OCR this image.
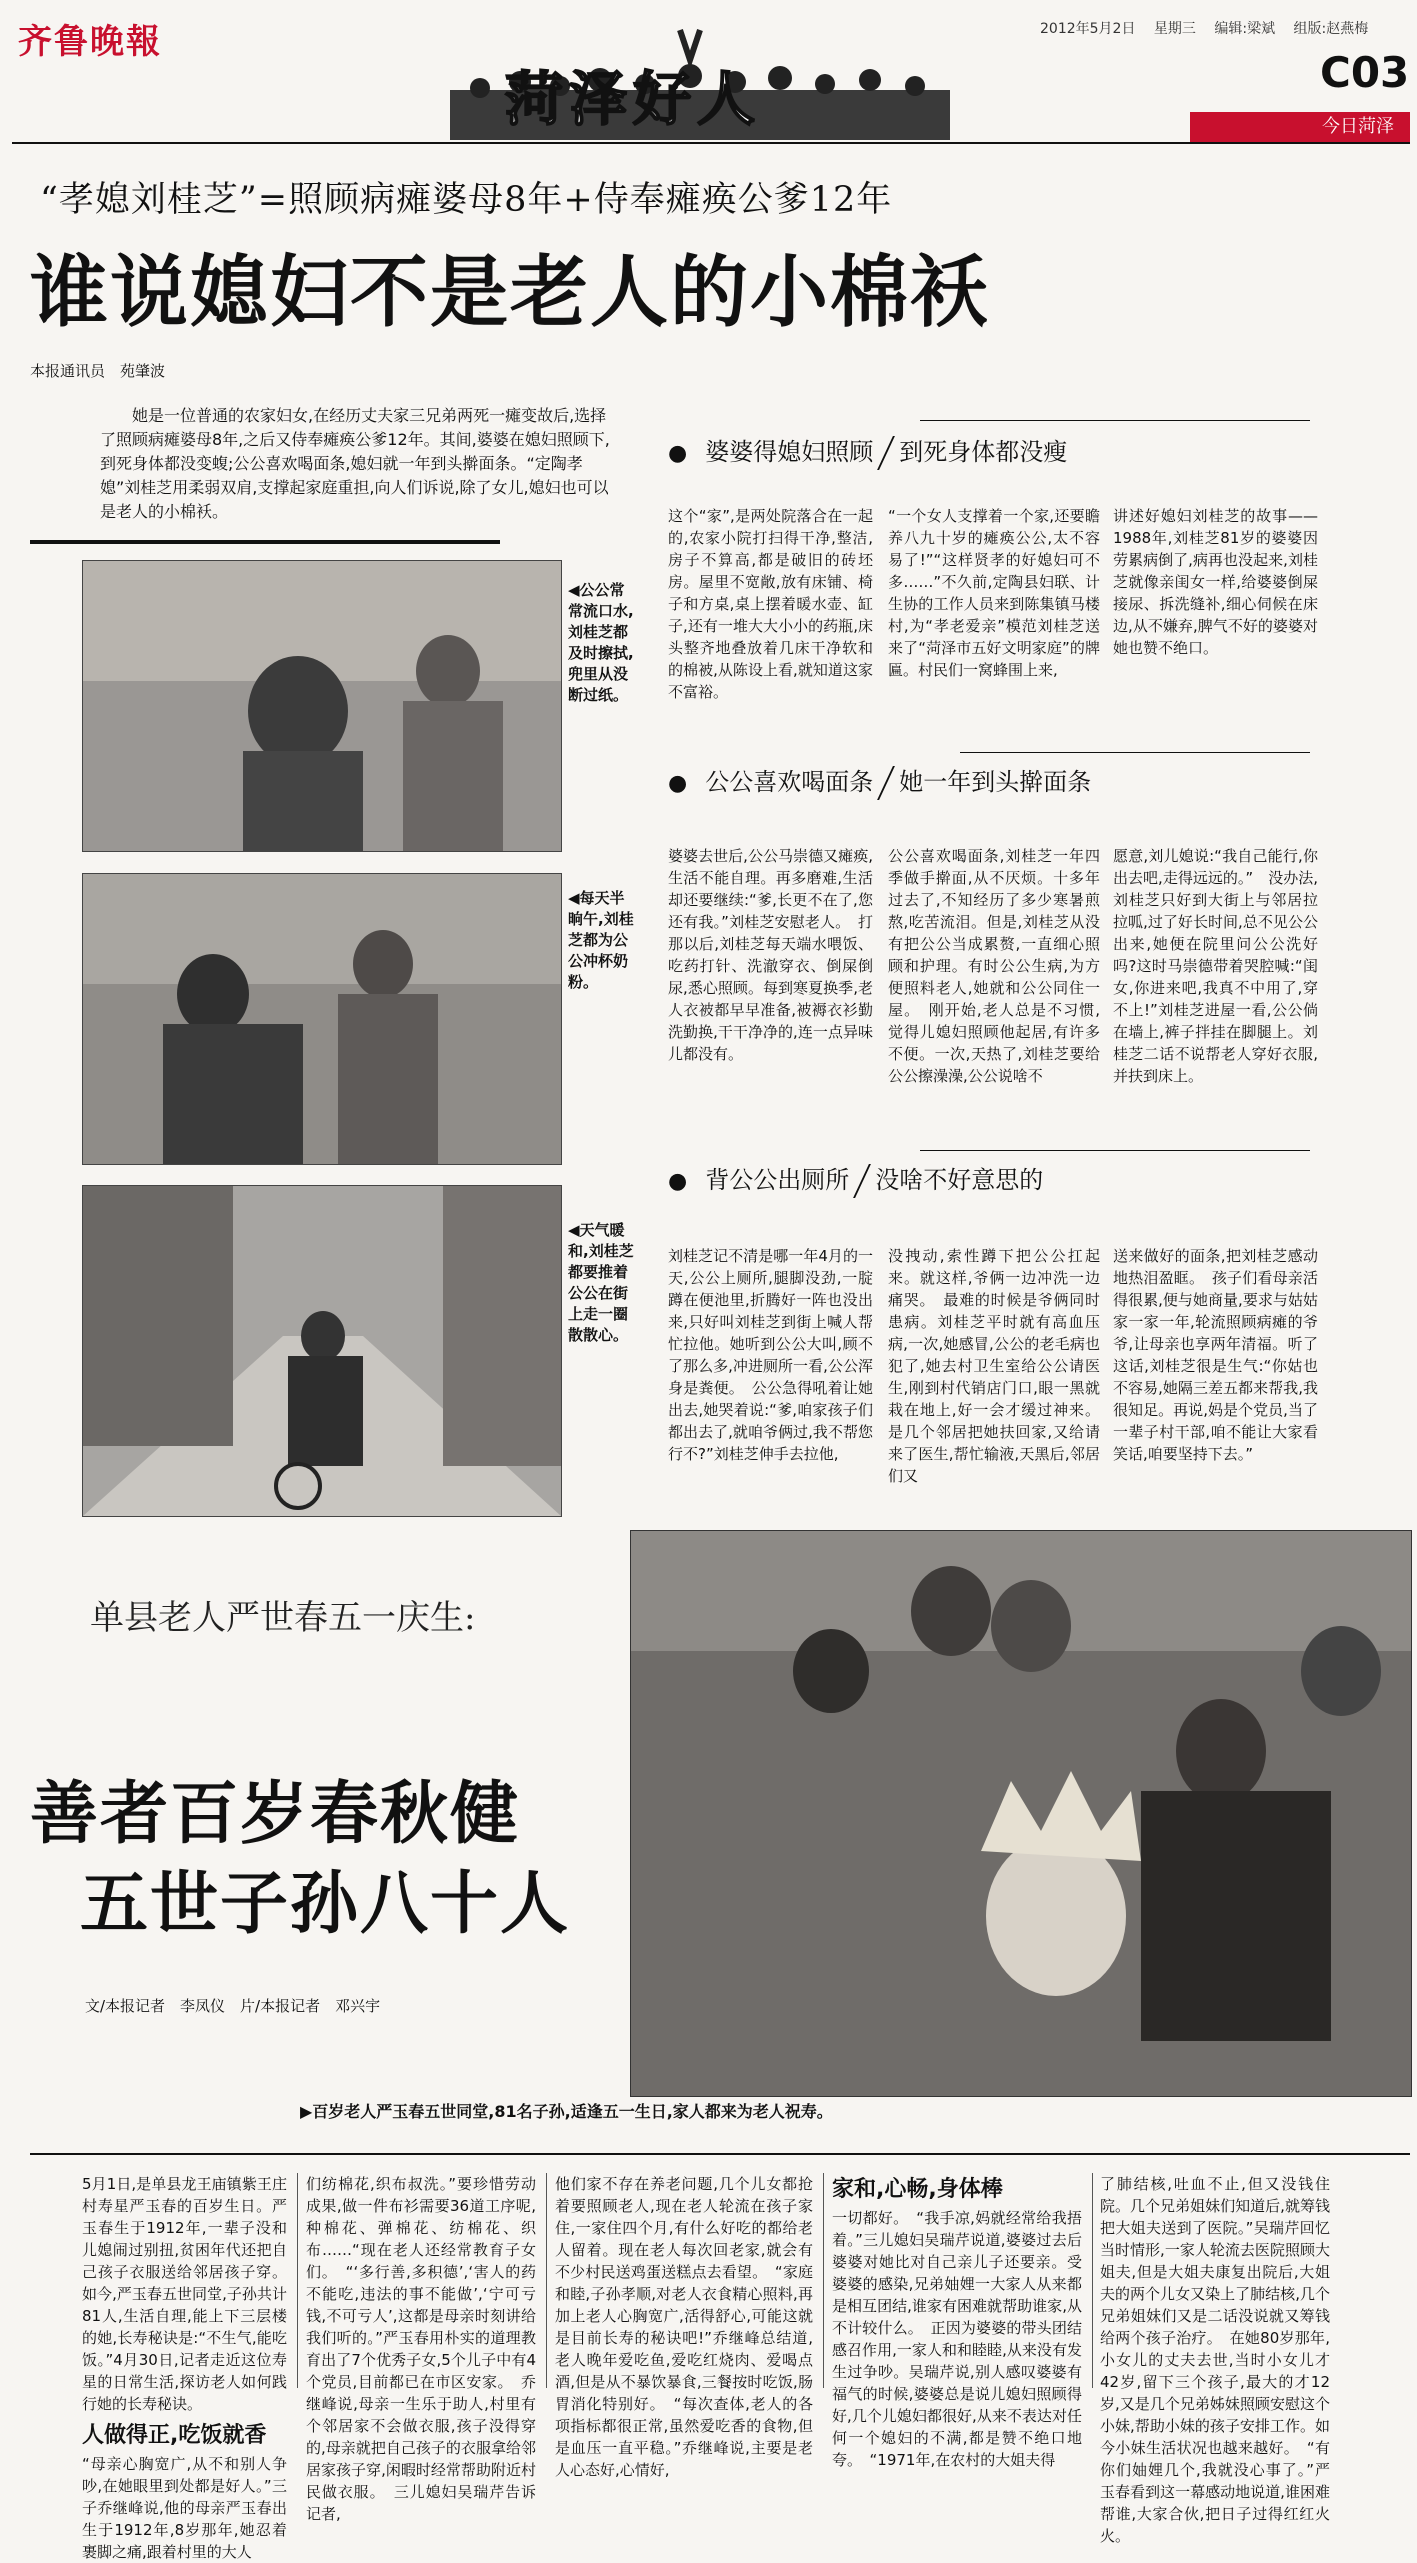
齐鲁晚報	2012年5月2日 星期三 编辑:梁斌 组版:赵燕梅
菏泽好人	C03
今日菏泽
“孝媳刘桂芝”=照顾病瘫婆母8年+侍奉瘫痪公爹12年
谁说媳妇不是老人的小棉袄
本报通讯员　苑肇波
她是一位普通的农家妇女,在经历丈夫家三兄弟两死一瘫变故后,选择了照顾病瘫婆母8年,之后又侍奉瘫痪公爹12年。其间,婆婆在媳妇照顾下,到死身体都没变蝮;公公喜欢喝面条,媳妇就一年到头擀面条。“定陶孝媳”刘桂芝用柔弱双肩,支撑起家庭重担,向人们诉说,除了女儿,媳妇也可以是老人的小棉袄。
◀公公常常流口水,刘桂芝都及时擦拭,兜里从没断过纸。
◀每天半晌午,刘桂芝都为公公冲杯奶粉。
◀天气暖和,刘桂芝都要推着公公在街上走一圈散散心。
● 婆婆得媳妇照顾 到死身体都没瘦
这个“家”,是两处院落合在一起的,农家小院打扫得干净,整洁,房子不算高,都是破旧的砖坯房。屋里不宽敞,放有床铺、椅子和方桌,桌上摆着暖水壶、缸子,还有一堆大大小小的药瓶,床头整齐地叠放着几床干净软和的棉被,从陈设上看,就知道这家不富裕。
“一个女人支撑着一个家,还要瞻养八九十岁的瘫痪公公,太不容易了!”“这样贤孝的好媳妇可不多……”不久前,定陶县妇联、计生协的工作人员来到陈集镇马楼村,为“孝老爱亲”模范刘桂芝送来了“菏泽市五好文明家庭”的牌匾。村民们一窝蜂围上来,
讲述好媳妇刘桂芝的故事——　1988年,刘桂芝81岁的婆婆因劳累病倒了,病再也没起来,刘桂芝就像亲闺女一样,给婆婆倒屎接尿、拆洗缝补,细心伺候在床边,从不嫌弃,脾气不好的婆婆对她也赞不绝口。
● 公公喜欢喝面条 她一年到头擀面条
婆婆去世后,公公马崇德又瘫痪,生活不能自理。再多磨难,生活却还要继续:“爹,长更不在了,您还有我。”刘桂芝安慰老人。　打那以后,刘桂芝每天端水喂饭、吃药打针、洗澈穿衣、倒屎倒尿,悉心照顾。每到寒夏换季,老人衣被都早早准备,被褥衣衫勤洗勤换,干干净净的,连一点异味儿都没有。
公公喜欢喝面条,刘桂芝一年四季做手擀面,从不厌烦。十多年过去了,不知经历了多少寒暑煎熬,吃苦流泪。但是,刘桂芝从没有把公公当成累赘,一直细心照顾和护理。有时公公生病,为方便照料老人,她就和公公同住一屋。　刚开始,老人总是不习惯,觉得儿媳妇照顾他起居,有许多不便。一次,天热了,刘桂芝要给公公擦澡澡,公公说啥不
愿意,刘儿媳说:“我自己能行,你出去吧,走得远远的。”　没办法,刘桂芝只好到大街上与邻居拉拉呱,过了好长时间,总不见公公出来,她便在院里问公公洗好吗?这时马崇德带着哭腔喊:“闺女,你进来吧,我真不中用了,穿不上!”刘桂芝进屋一看,公公倘在墙上,裤子拌挂在脚腿上。刘桂芝二话不说帮老人穿好衣服,并扶到床上。
● 背公公出厕所 没啥不好意思的
刘桂芝记不清是哪一年4月的一天,公公上厕所,腿脚没劲,一腚蹲在便池里,折腾好一阵也没出来,只好叫刘桂芝到街上喊人帮忙拉他。她听到公公大叫,顾不了那么多,冲进厕所一看,公公浑身是粪便。　公公急得吼着让她出去,她哭着说:“爹,咱家孩子们都出去了,就咱爷俩过,我不帮您行不?”刘桂芝伸手去拉他,
没拽动,索性蹲下把公公扛起来。就这样,爷俩一边冲洗一边痛哭。　最难的时候是爷俩同时患病。刘桂芝平时就有高血压病,一次,她感冒,公公的老毛病也犯了,她去村卫生室给公公请医生,刚到村代销店门口,眼一黑就栽在地上,好一会才缓过神来。是几个邻居把她扶回家,又给请来了医生,帮忙输液,天黑后,邻居们又
送来做好的面条,把刘桂芝感动地热泪盈眶。　孩子们看母亲活得很累,便与她商量,要求与姑姑家一家一年,轮流照顾病瘫的爷爷,让母亲也享两年清福。听了这话,刘桂芝很是生气:“你姑也不容易,她隔三差五都来帮我,我很知足。再说,妈是个党员,当了一辈子村干部,咱不能让大家看笑话,咱要坚持下去。”
单县老人严世春五一庆生:
善者百岁春秋健
五世子孙八十人
文/本报记者　李凤仪　片/本报记者　邓兴宇
▶百岁老人严玉春五世同堂,81名子孙,适逢五一生日,家人都来为老人祝寿。
5月1日,是单县龙王庙镇紫王庄村寿星严玉春的百岁生日。严玉春生于1912年,一辈子没和儿媳闹过别扭,贫困年代还把自己孩子衣服送给邻居孩子穿。如今,严玉春五世同堂,子孙共计81人,生活自理,能上下三层楼的她,长寿秘诀是:“不生气,能吃饭。”4月30日,记者走近这位寿星的日常生活,探访老人如何践行她的长寿秘诀。
人做得正,吃饭就香
“母亲心胸宽广,从不和别人争吵,在她眼里到处都是好人。”三子乔继峰说,他的母亲严玉春出生于1912年,8岁那年,她忍着裹脚之痛,跟着村里的大人
们纺棉花,织布叔洗。”要珍惜劳动成果,做一件布衫需要36道工序呢,种棉花、弹棉花、纺棉花、织布……“现在老人还经常教育子女们。　“‘多行善,多积德’,‘害人的药不能吃,违法的事不能做’,‘宁可亏钱,不可亏人’,这都是母亲时刻讲给我们听的。”严玉春用朴实的道理教育出了7个优秀子女,5个儿子中有4个党员,目前都已在市区安家。　乔继峰说,母亲一生乐于助人,村里有个邻居家不会做衣服,孩子没得穿的,母亲就把自己孩子的衣服拿给邻居家孩子穿,闲暇时经常帮助附近村民做衣服。　三儿媳妇吴瑞芹告诉记者,
他们家不存在养老问题,几个儿女都抢着要照顾老人,现在老人轮流在孩子家住,一家住四个月,有什么好吃的都给老人留着。现在老人每次回老家,就会有不少村民送鸡蛋送糕点去看望。　“家庭和睦,子孙孝顺,对老人衣食精心照料,再加上老人心胸宽广,活得舒心,可能这就是目前长寿的秘诀吧!”乔继峰总结道,老人晚年爱吃鱼,爱吃红烧肉、爱喝点酒,但是从不暴饮暴食,三餐按时吃饭,肠胃消化特别好。　“每次查体,老人的各项指标都很正常,虽然爱吃香的食物,但是血压一直平稳。”乔继峰说,主要是老人心态好,心情好,
家和,心畅,身体棒
一切都好。　“我手凉,妈就经常给我捂着。”三儿媳妇吴瑞芹说道,婆婆过去后婆婆对她比对自己亲儿子还要亲。受婆婆的感染,兄弟妯娌一大家人从来都是相互团结,谁家有困难就帮助谁家,从不计较什么。　正因为婆婆的带头团结感召作用,一家人和和睦睦,从来没有发生过争吵。吴瑞芹说,别人感叹婆婆有福气的时候,婆婆总是说儿媳妇照顾得好,几个儿媳妇都很好,从来不表达对任何一个媳妇的不满,都是赞不绝口地夸。　“1971年,在农村的大姐夫得
了肺结核,吐血不止,但又没钱住院。几个兄弟姐妹们知道后,就筹钱把大姐夫送到了医院。”吴瑞芹回忆当时情形,一家人轮流去医院照顾大姐夫,但是大姐夫康复出院后,大姐夫的两个儿女又染上了肺结核,几个兄弟姐妹们又是二话没说就又筹钱给两个孩子治疗。　在她80岁那年,小女儿的丈夫去世,当时小女儿才42岁,留下三个孩子,最大的才12岁,又是几个兄弟姊妹照顾安慰这个小妹,帮助小妹的孩子安排工作。如今小妹生活状况也越来越好。　“有你们妯娌几个,我就没心事了。”严玉春看到这一幕感动地说道,谁困难帮谁,大家合伙,把日子过得红红火火。
